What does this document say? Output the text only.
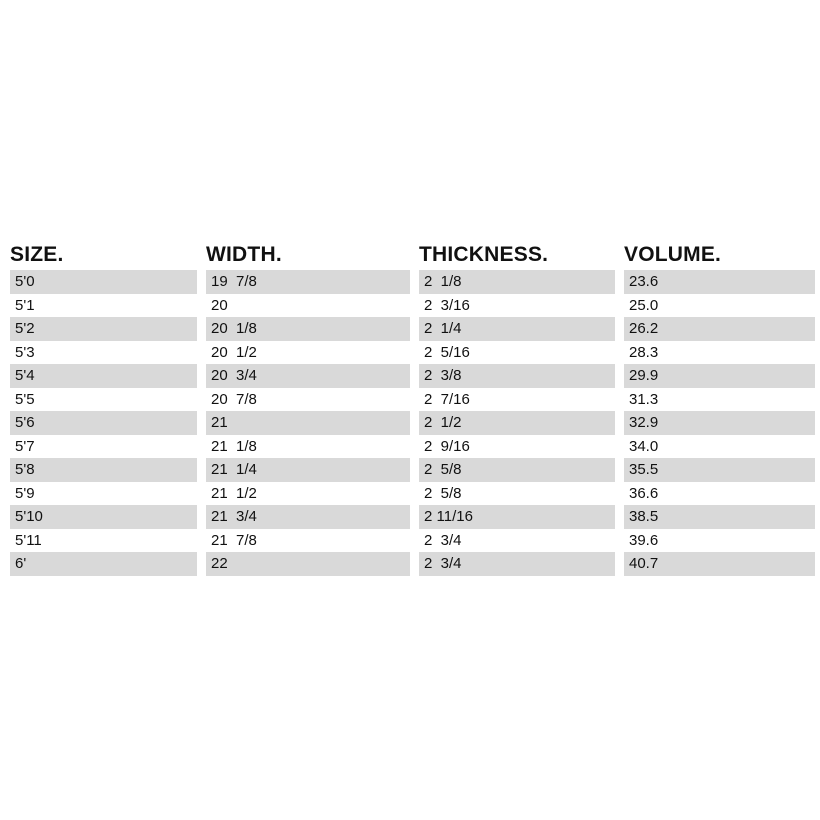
SIZE.	WIDTH.	THICKNESS.	VOLUME.
5'0	19  7/8	2  1/8	23.6
5'1	20	2  3/16	25.0
5'2	20  1/8	2  1/4	26.2
5'3	20  1/2	2  5/16	28.3
5'4	20  3/4	2  3/8	29.9
5'5	20  7/8	2  7/16	31.3
5'6	21	2  1/2	32.9
5'7	21  1/8	2  9/16	34.0
5'8	21  1/4	2  5/8	35.5
5'9	21  1/2	2  5/8	36.6
5'10	21  3/4	2 11/16	38.5
5'11	21  7/8	2  3/4	39.6
6'	22	2  3/4	40.7
